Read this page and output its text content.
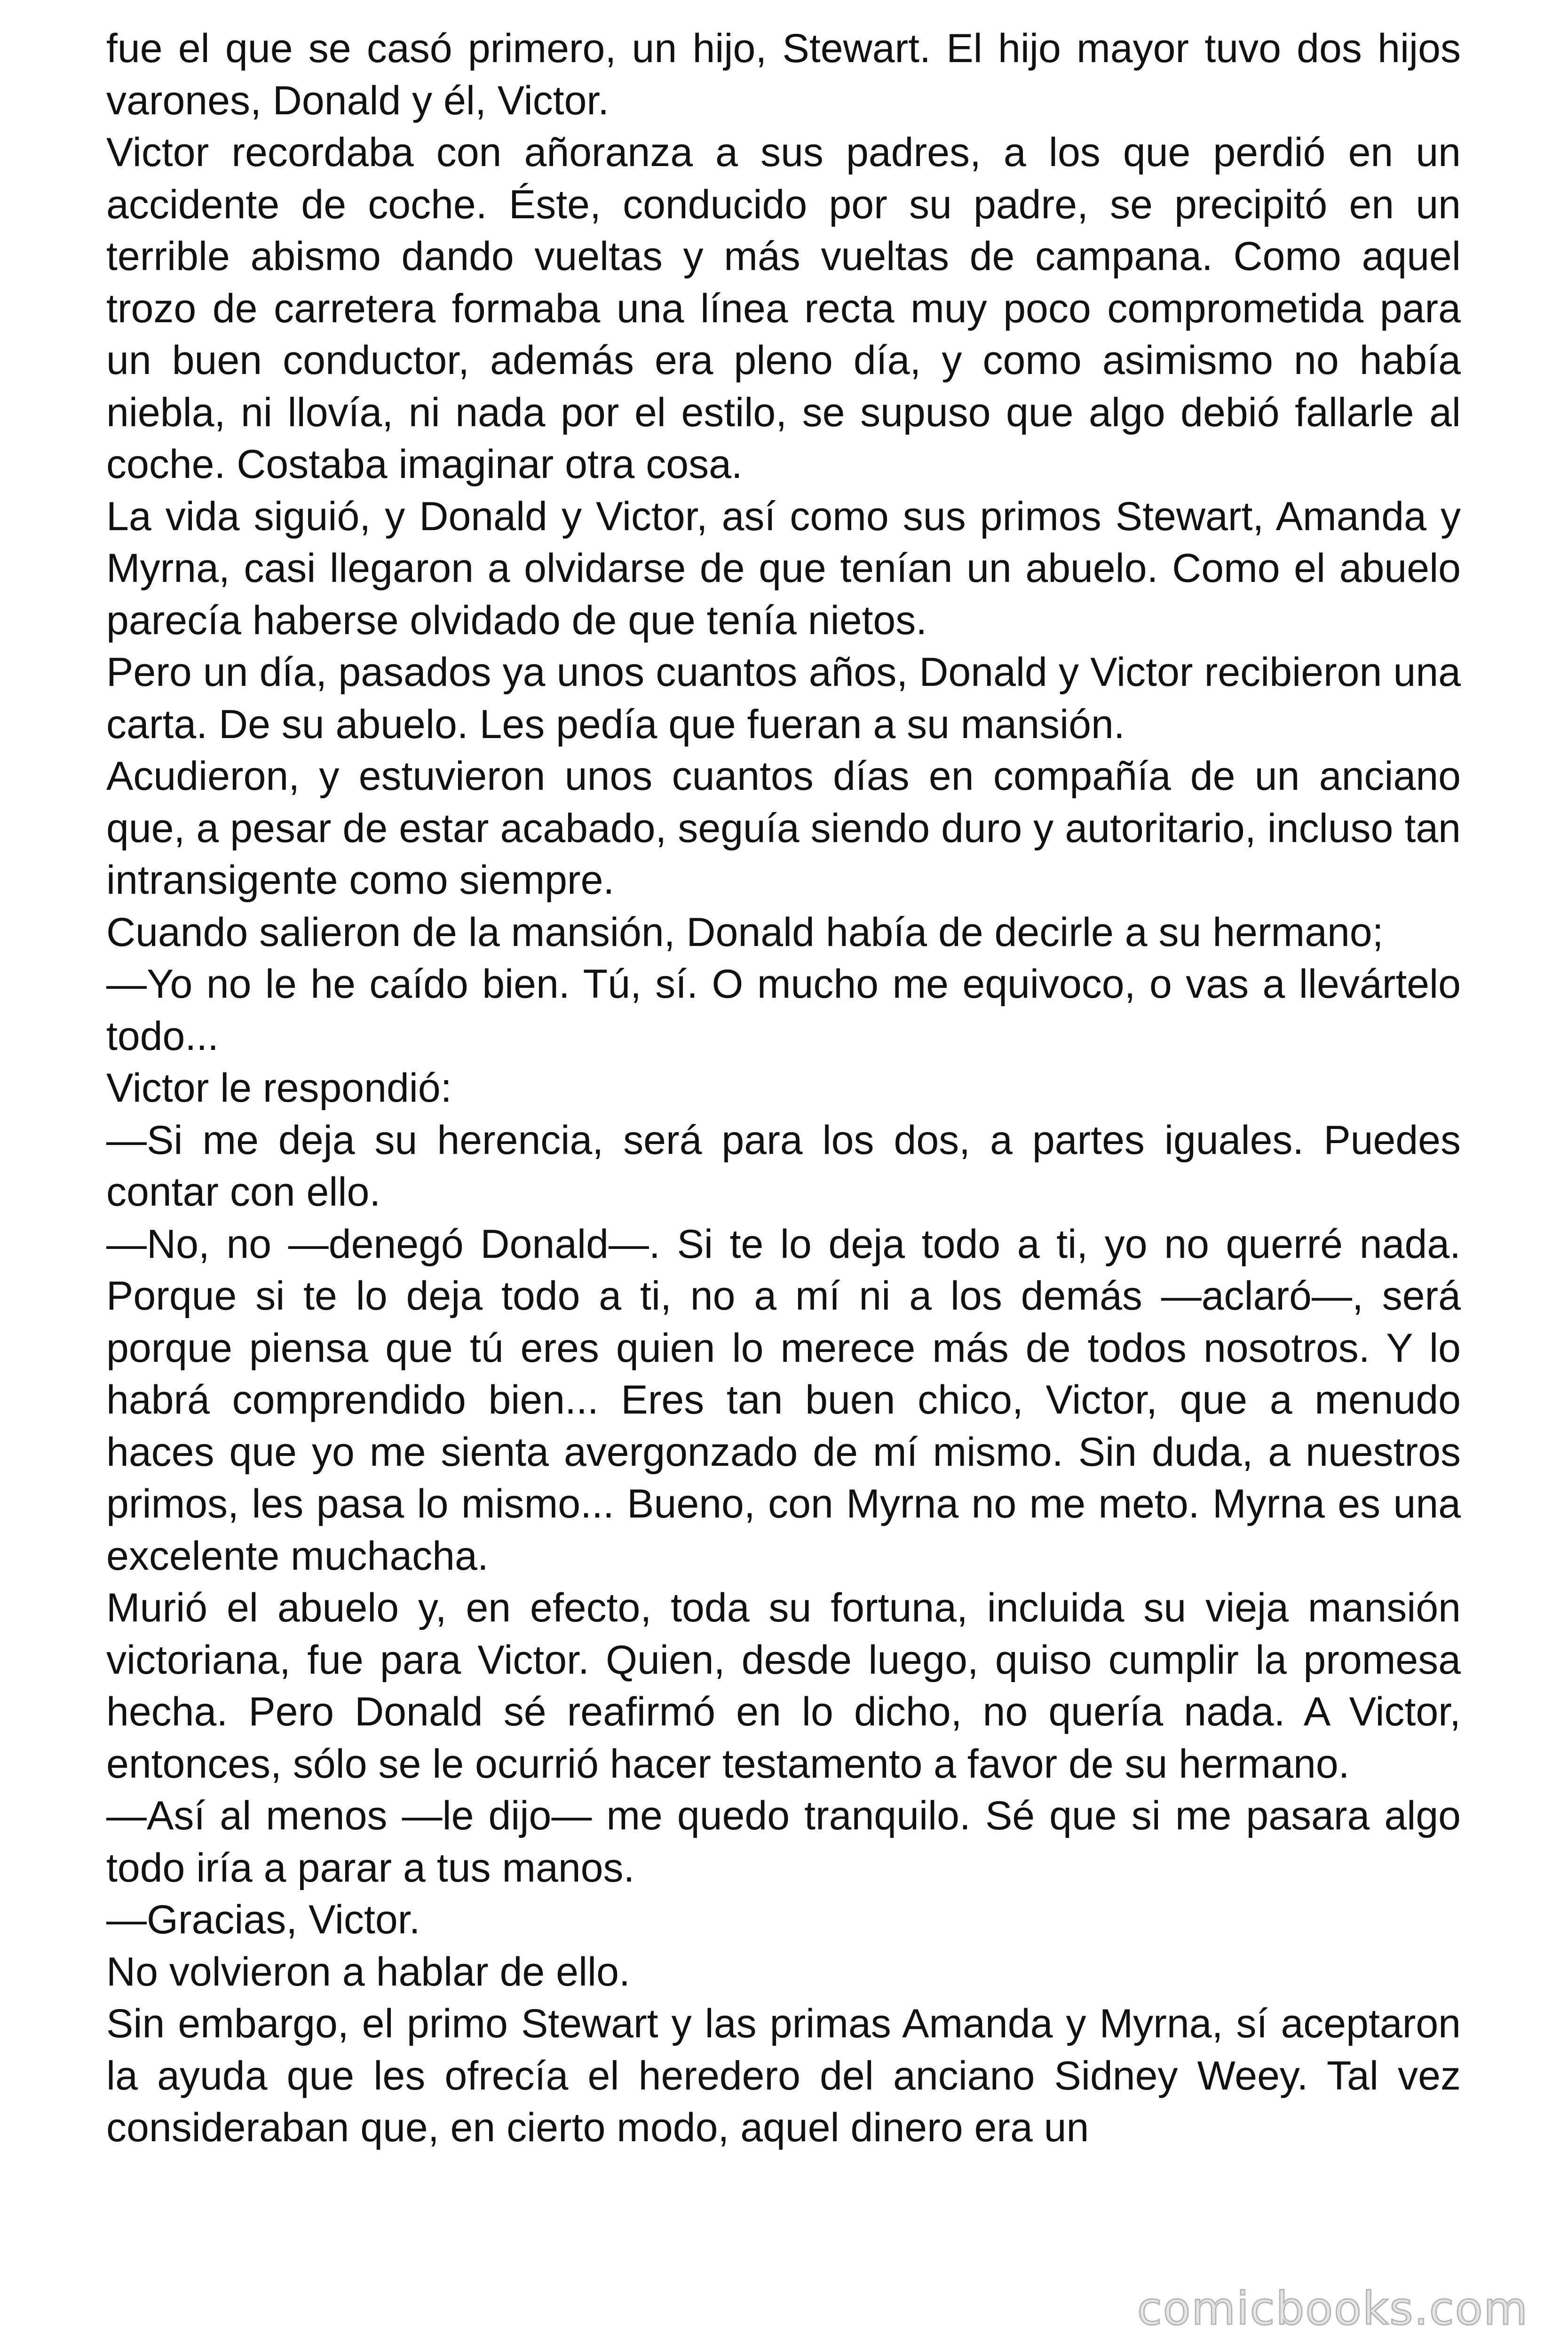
fue el que se casó primero, un hijo, Stewart. El hijo mayor tuvo dos hijos varones, Donald y él, Victor.

Victor recordaba con añoranza a sus padres, a los que perdió en un accidente de coche. Éste, conducido por su padre, se precipitó en un terrible abismo dando vueltas y más vueltas de campana. Como aquel trozo de carretera formaba una línea recta muy poco comprometida para un buen conductor, además era pleno día, y como asimismo no había niebla, ni llovía, ni nada por el estilo, se supuso que algo debió fallarle al coche. Costaba imaginar otra cosa.

La vida siguió, y Donald y Victor, así como sus primos Stewart, Amanda y Myrna, casi llegaron a olvidarse de que tenían un abuelo. Como el abuelo parecía haberse olvidado de que tenía nietos.

Pero un día, pasados ya unos cuantos años, Donald y Victor recibieron una carta. De su abuelo. Les pedía que fueran a su mansión.

Acudieron, y estuvieron unos cuantos días en compañía de un anciano que, a pesar de estar acabado, seguía siendo duro y autoritario, incluso tan intransigente como siempre.

Cuando salieron de la mansión, Donald había de decirle a su hermano;

—Yo no le he caído bien. Tú, sí. O mucho me equivoco, o vas a llevártelo todo...

Victor le respondió:

—Si me deja su herencia, será para los dos, a partes iguales. Puedes contar con ello.

—No, no —denegó Donald—. Si te lo deja todo a ti, yo no querré nada. Porque si te lo deja todo a ti, no a mí ni a los demás —aclaró—, será porque piensa que tú eres quien lo merece más de todos nosotros. Y lo habrá comprendido bien... Eres tan buen chico, Victor, que a menudo haces que yo me sienta avergonzado de mí mismo. Sin duda, a nuestros primos, les pasa lo mismo... Bueno, con Myrna no me meto. Myrna es una excelente muchacha.

Murió el abuelo y, en efecto, toda su fortuna, incluida su vieja mansión victoriana, fue para Victor. Quien, desde luego, quiso cumplir la promesa hecha. Pero Donald sé reafirmó en lo dicho, no quería nada. A Victor, entonces, sólo se le ocurrió hacer testamento a favor de su hermano.

—Así al menos —le dijo— me quedo tranquilo. Sé que si me pasara algo todo iría a parar a tus manos.

—Gracias, Victor.

No volvieron a hablar de ello.

Sin embargo, el primo Stewart y las primas Amanda y Myrna, sí aceptaron la ayuda que les ofrecía el heredero del anciano Sidney Weey. Tal vez consideraban que, en cierto modo, aquel dinero era un

comicbooks.com
